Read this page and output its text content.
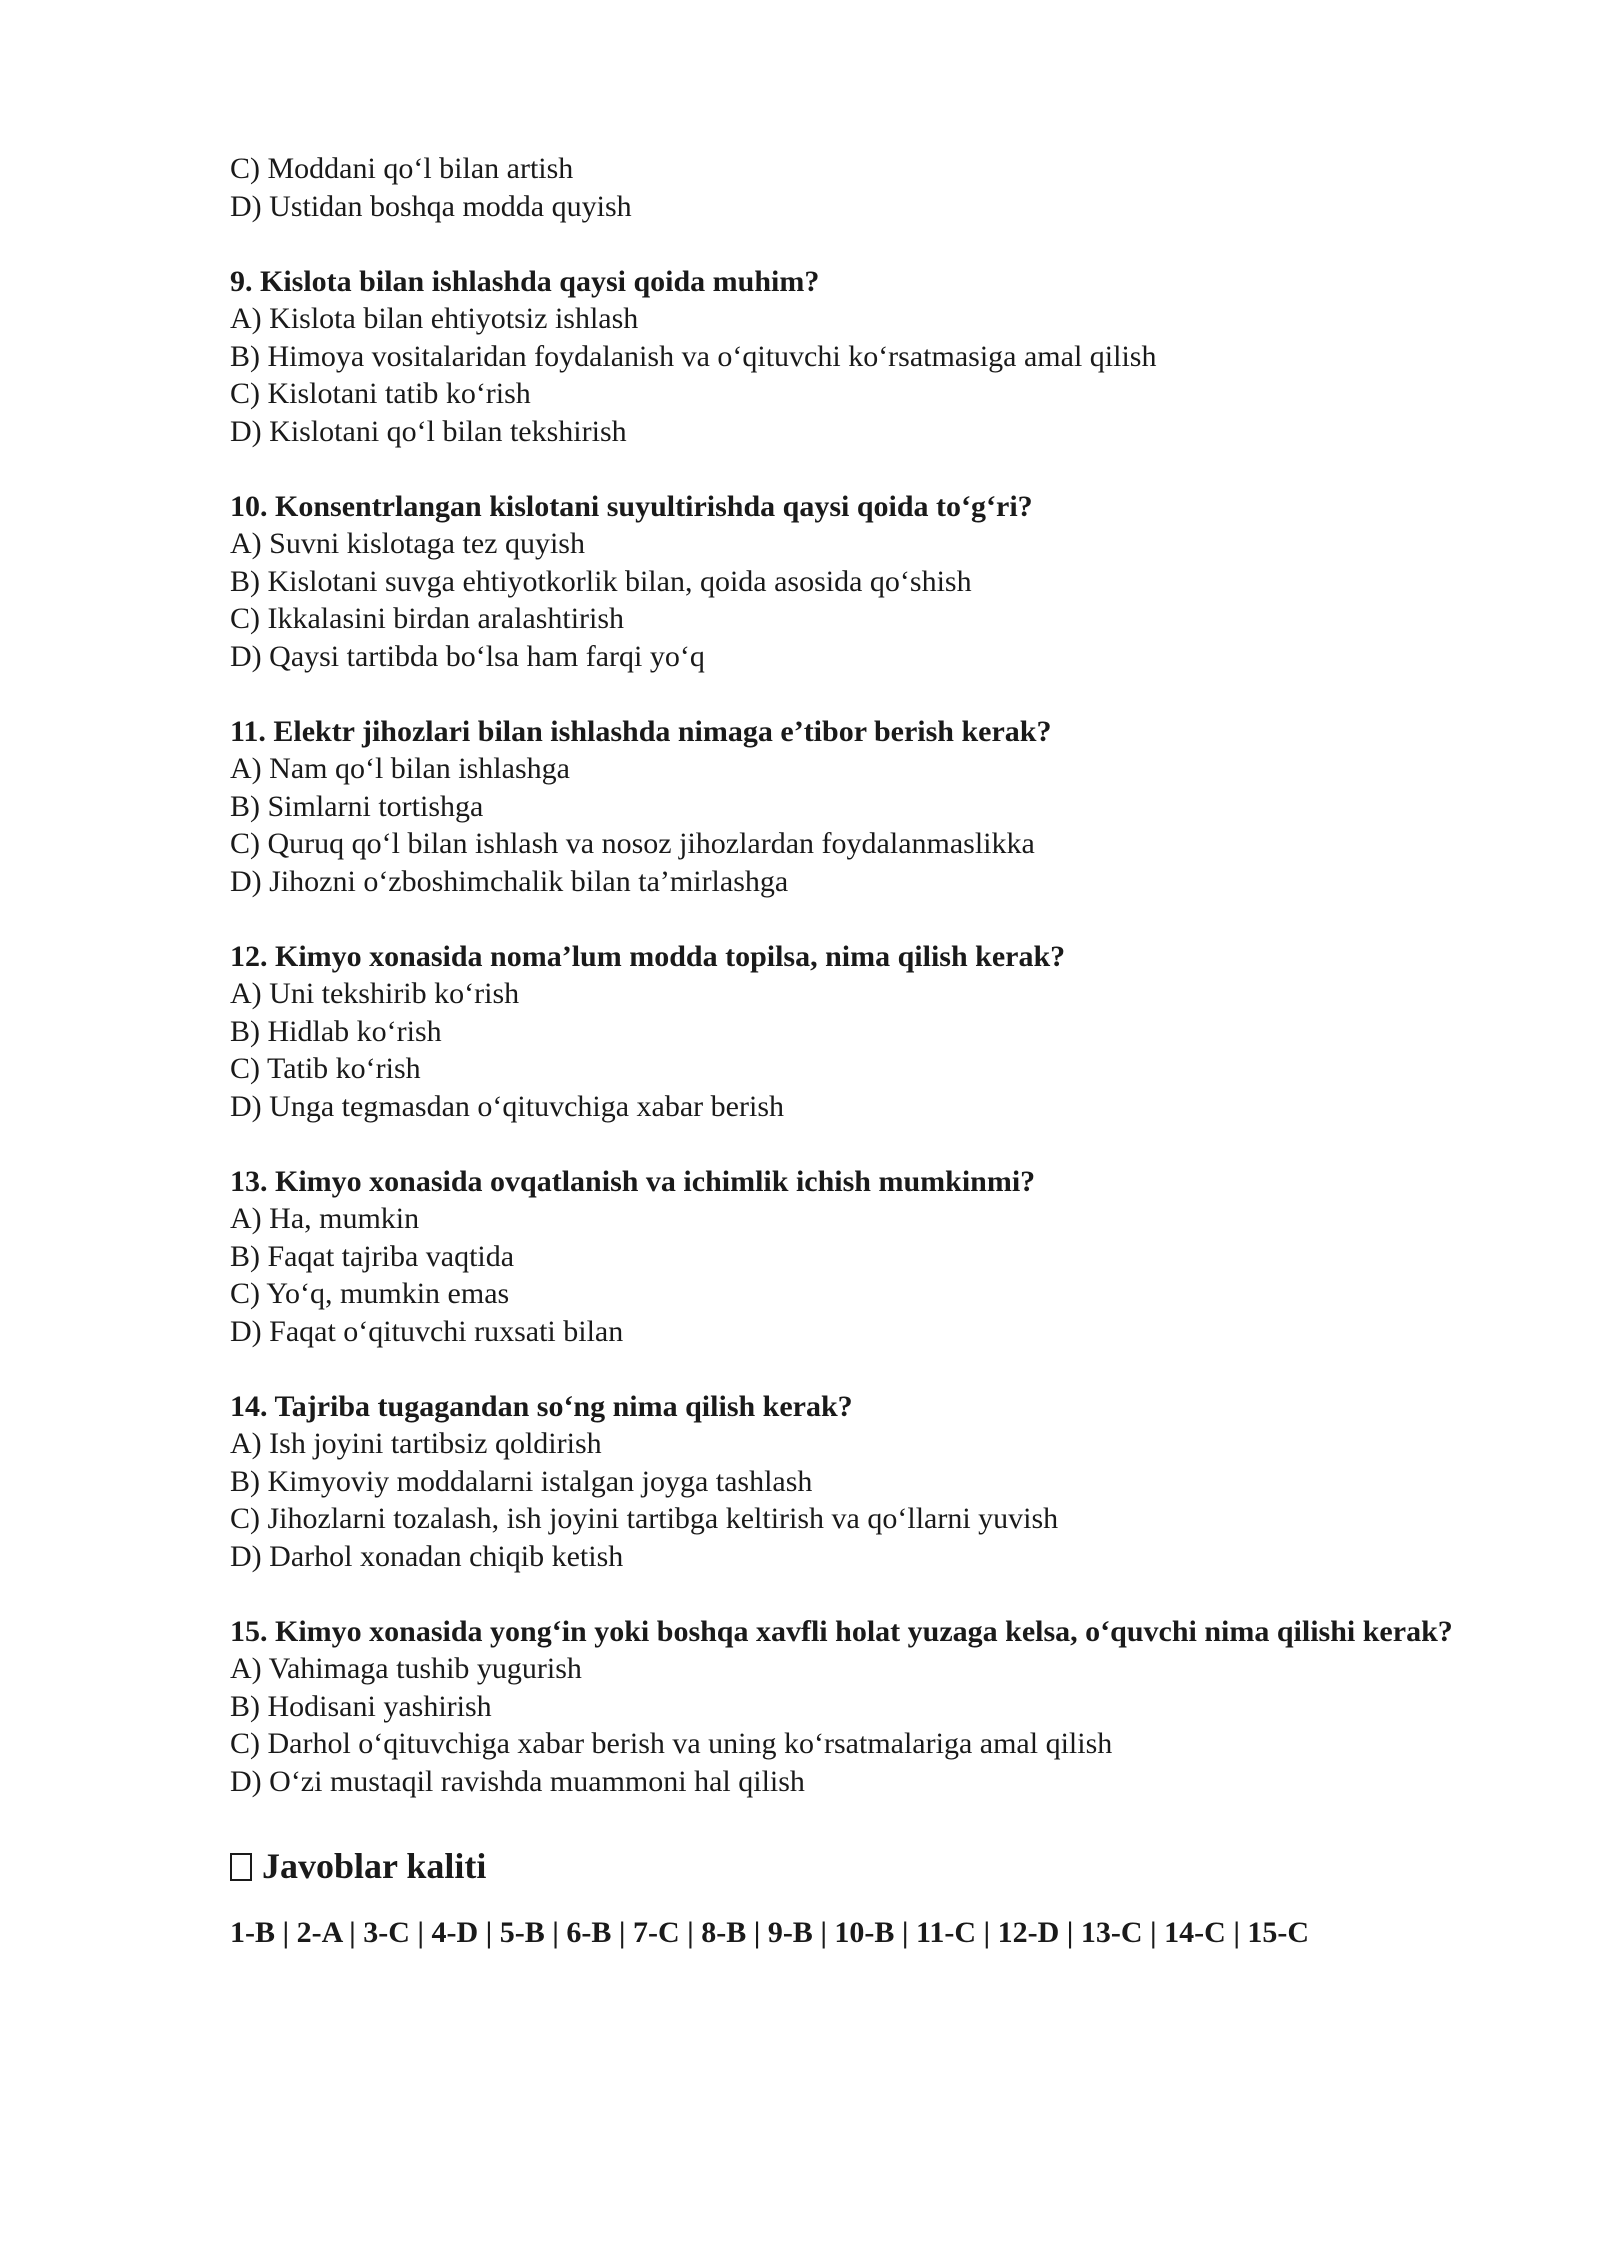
C) Moddani qo‘l bilan artish
D) Ustidan boshqa modda quyish
9. Kislota bilan ishlashda qaysi qoida muhim?
A) Kislota bilan ehtiyotsiz ishlash
B) Himoya vositalaridan foydalanish va o‘qituvchi ko‘rsatmasiga amal qilish
C) Kislotani tatib ko‘rish
D) Kislotani qo‘l bilan tekshirish
10. Konsentrlangan kislotani suyultirishda qaysi qoida to‘g‘ri?
A) Suvni kislotaga tez quyish
B) Kislotani suvga ehtiyotkorlik bilan, qoida asosida qo‘shish
C) Ikkalasini birdan aralashtirish
D) Qaysi tartibda bo‘lsa ham farqi yo‘q
11. Elektr jihozlari bilan ishlashda nimaga e’tibor berish kerak?
A) Nam qo‘l bilan ishlashga
B) Simlarni tortishga
C) Quruq qo‘l bilan ishlash va nosoz jihozlardan foydalanmaslikka
D) Jihozni o‘zboshimchalik bilan ta’mirlashga
12. Kimyo xonasida noma’lum modda topilsa, nima qilish kerak?
A) Uni tekshirib ko‘rish
B) Hidlab ko‘rish
C) Tatib ko‘rish
D) Unga tegmasdan o‘qituvchiga xabar berish
13. Kimyo xonasida ovqatlanish va ichimlik ichish mumkinmi?
A) Ha, mumkin
B) Faqat tajriba vaqtida
C) Yo‘q, mumkin emas
D) Faqat o‘qituvchi ruxsati bilan
14. Tajriba tugagandan so‘ng nima qilish kerak?
A) Ish joyini tartibsiz qoldirish
B) Kimyoviy moddalarni istalgan joyga tashlash
C) Jihozlarni tozalash, ish joyini tartibga keltirish va qo‘llarni yuvish
D) Darhol xonadan chiqib ketish
15. Kimyo xonasida yong‘in yoki boshqa xavfli holat yuzaga kelsa, o‘quvchi nima qilishi kerak?
A) Vahimaga tushib yugurish
B) Hodisani yashirish
C) Darhol o‘qituvchiga xabar berish va uning ko‘rsatmalariga amal qilish
D) O‘zi mustaqil ravishda muammoni hal qilish
Javoblar kaliti
1-B | 2-A | 3-C | 4-D | 5-B | 6-B | 7-C | 8-B | 9-B | 10-B | 11-C | 12-D | 13-C | 14-C | 15-C
